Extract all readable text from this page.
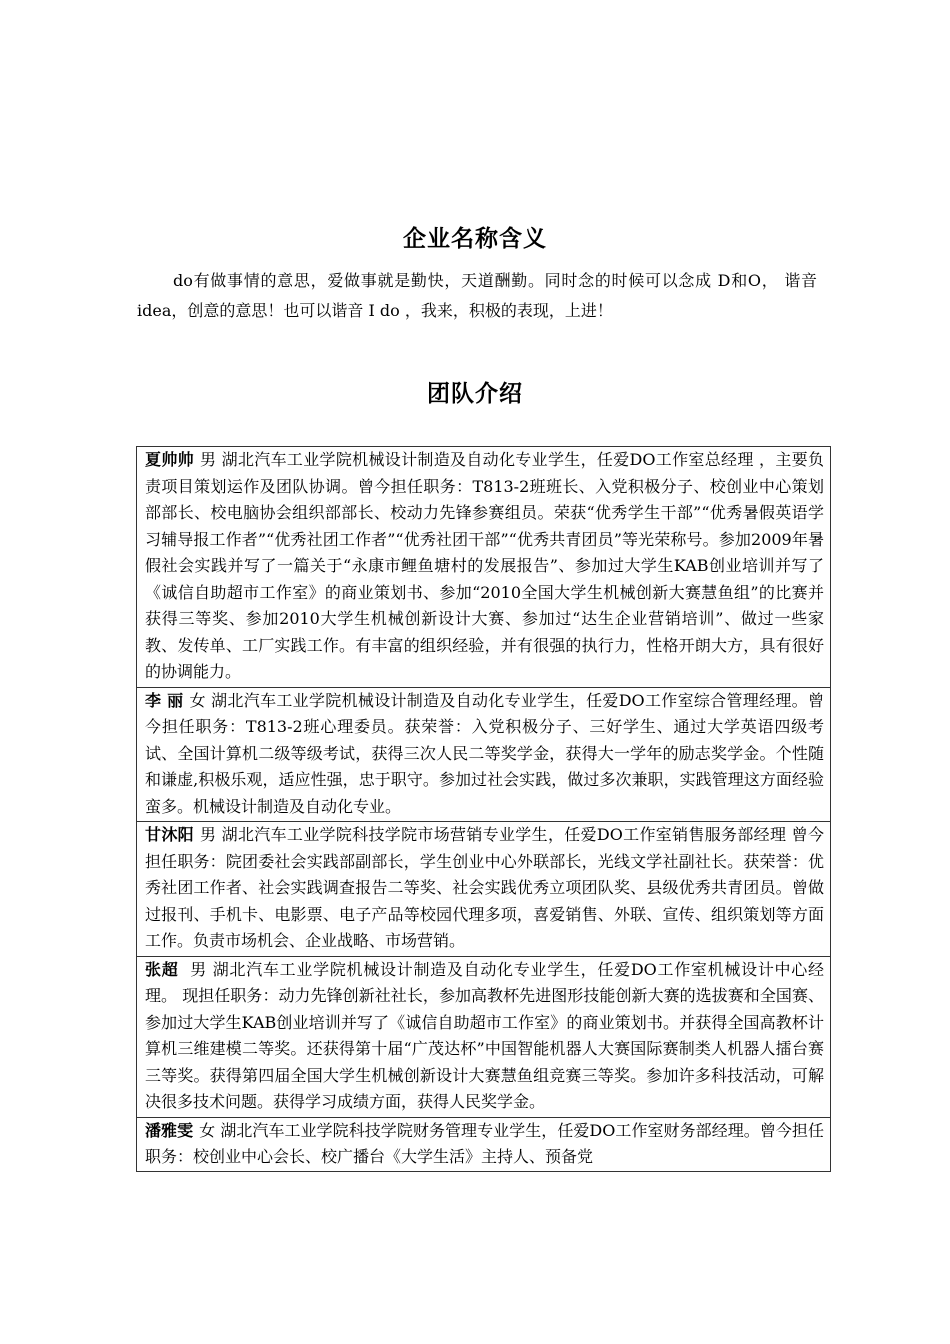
企业名称含义

do有做事情的意思，爱做事就是勤快，天道酬勤。同时念的时候可以念成 D和O， 谐音idea，创意的意思！也可以谐音 I do ，我来，积极的表现，上进！

团队介绍
夏帅帅 男 湖北汽车工业学院机械设计制造及自动化专业学生，任爱DO工作室总经理 ，主要负责项目策划运作及团队协调。曾今担任职务：T813-2班班长、入党积极分子、校创业中心策划部部长、校电脑协会组织部部长、校动力先锋参赛组员。荣获“优秀学生干部”“优秀暑假英语学习辅导报工作者”“优秀社团工作者”“优秀社团干部”“优秀共青团员”等光荣称号。参加2009年暑假社会实践并写了一篇关于“永康市鲤鱼塘村的发展报告”、参加过大学生KAB创业培训并写了《诚信自助超市工作室》的商业策划书、参加“2010全国大学生机械创新大赛慧鱼组”的比赛并获得三等奖、参加2010大学生机械创新设计大赛、参加过“达生企业营销培训”、做过一些家教、发传单、工厂实践工作。有丰富的组织经验，并有很强的执行力，性格开朗大方，具有很好的协调能力。
李 丽 女 湖北汽车工业学院机械设计制造及自动化专业学生，任爱DO工作室综合管理经理。曾今担任职务：T813-2班心理委员。获荣誉：入党积极分子、三好学生、通过大学英语四级考试、全国计算机二级等级考试，获得三次人民二等奖学金，获得大一学年的励志奖学金。个性随和谦虚,积极乐观，适应性强，忠于职守。参加过社会实践，做过多次兼职，实践管理这方面经验蛮多。机械设计制造及自动化专业。
甘沐阳 男 湖北汽车工业学院科技学院市场营销专业学生，任爱DO工作室销售服务部经理 曾今担任职务：院团委社会实践部副部长，学生创业中心外联部长，光线文学社副社长。获荣誉：优秀社团工作者、社会实践调查报告二等奖、社会实践优秀立项团队奖、县级优秀共青团员。曾做过报刊、手机卡、电影票、电子产品等校园代理多项，喜爱销售、外联、宣传、组织策划等方面工作。负责市场机会、企业战略、市场营销。
张超 男 湖北汽车工业学院机械设计制造及自动化专业学生，任爱DO工作室机械设计中心经理。 现担任职务：动力先锋创新社社长，参加高教杯先进图形技能创新大赛的选拔赛和全国赛、参加过大学生KAB创业培训并写了《诚信自助超市工作室》的商业策划书。并获得全国高教杯计算机三维建模二等奖。还获得第十届“广茂达杯”中国智能机器人大赛国际赛制类人机器人擂台赛三等奖。获得第四届全国大学生机械创新设计大赛慧鱼组竞赛三等奖。参加许多科技活动，可解决很多技术问题。获得学习成绩方面，获得人民奖学金。

潘雅雯 女 湖北汽车工业学院科技学院财务管理专业学生，任爱DO工作室财务部经理。曾今担任职务：校创业中心会长、校广播台《大学生活》主持人、预备党
